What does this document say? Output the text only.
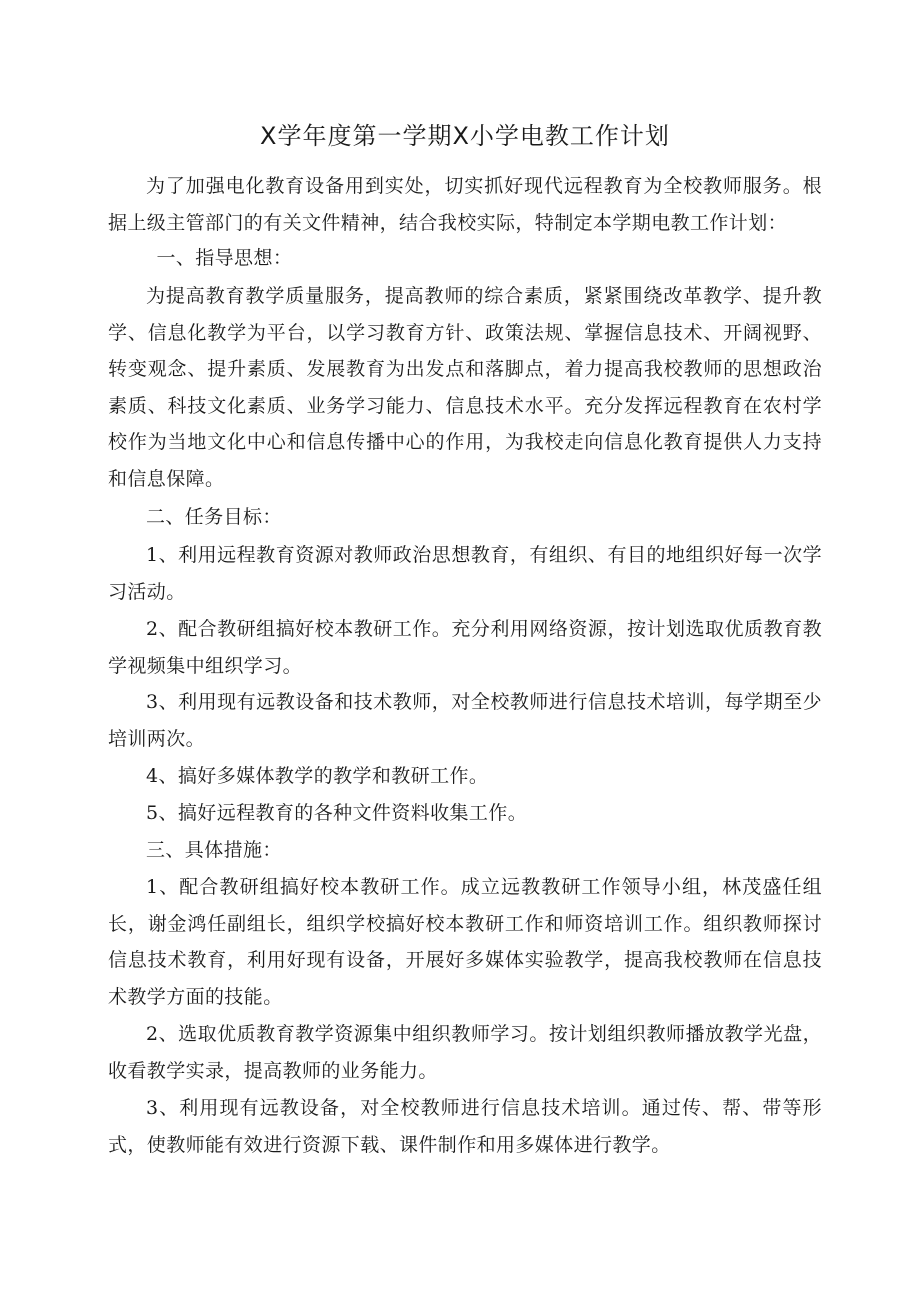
X学年度第一学期X小学电教工作计划

为了加强电化教育设备用到实处，切实抓好现代远程教育为全校教师服务。根据上级主管部门的有关文件精神，结合我校实际，特制定本学期电教工作计划：

一、指导思想：

为提高教育教学质量服务，提高教师的综合素质，紧紧围绕改革教学、提升教学、信息化教学为平台，以学习教育方针、政策法规、掌握信息技术、开阔视野、转变观念、提升素质、发展教育为出发点和落脚点，着力提高我校教师的思想政治素质、科技文化素质、业务学习能力、信息技术水平。充分发挥远程教育在农村学校作为当地文化中心和信息传播中心的作用，为我校走向信息化教育提供人力支持和信息保障。

二、任务目标：

1、利用远程教育资源对教师政治思想教育，有组织、有目的地组织好每一次学习活动。

2、配合教研组搞好校本教研工作。充分利用网络资源，按计划选取优质教育教学视频集中组织学习。

3、利用现有远教设备和技术教师，对全校教师进行信息技术培训，每学期至少培训两次。

4、搞好多媒体教学的教学和教研工作。

5、搞好远程教育的各种文件资料收集工作。

三、具体措施：

1、配合教研组搞好校本教研工作。成立远教教研工作领导小组，林茂盛任组长，谢金鸿任副组长，组织学校搞好校本教研工作和师资培训工作。组织教师探讨信息技术教育，利用好现有设备，开展好多媒体实验教学，提高我校教师在信息技术教学方面的技能。

2、选取优质教育教学资源集中组织教师学习。按计划组织教师播放教学光盘，收看教学实录，提高教师的业务能力。

3、利用现有远教设备，对全校教师进行信息技术培训。通过传、帮、带等形式，使教师能有效进行资源下载、课件制作和用多媒体进行教学。
